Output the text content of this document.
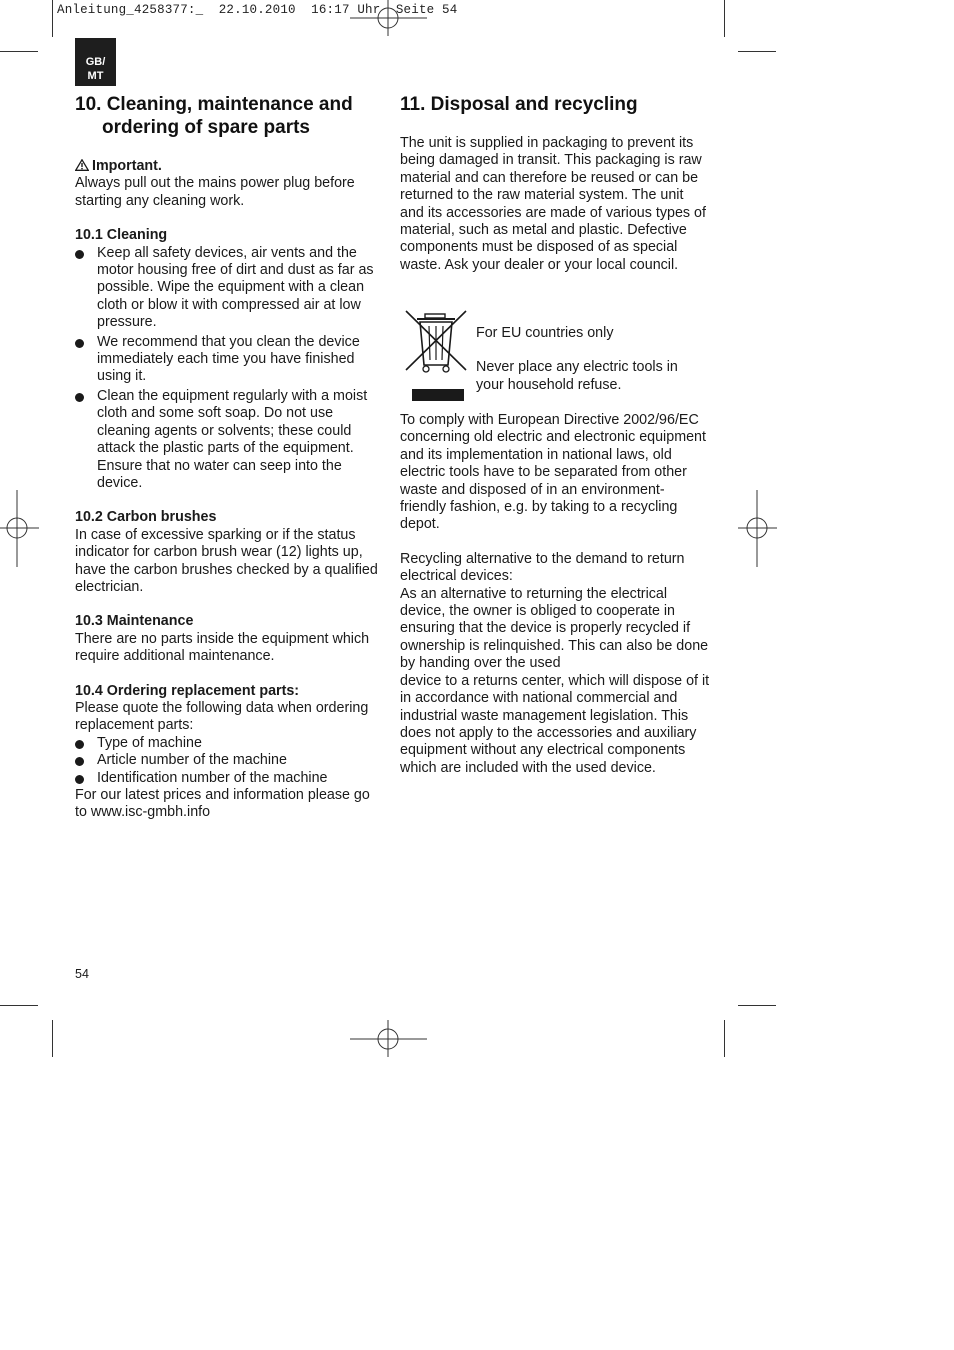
Anleitung_4258377:_  22.10.2010  16:17 Uhr  Seite 54
GB/
MT
10. Cleaning, maintenance and ordering of spare parts

Important.

Always pull out the mains power plug before starting any cleaning work.

10.1 Cleaning

Keep all safety devices, air vents and the motor housing free of dirt and dust as far as possible. Wipe the equipment with a clean cloth or blow it with compressed air at low pressure.
We recommend that you clean the device immediately each time you have finished using it.
Clean the equipment regularly with a moist cloth and some soft soap. Do not use cleaning agents or solvents; these could attack the plastic parts of the equipment. Ensure that no water can seep into the device.

10.2 Carbon brushes

In case of excessive sparking or if the status indicator for carbon brush wear (12) lights up, have the carbon brushes checked by a qualified electrician.

10.3 Maintenance

There are no parts inside the equipment which require additional maintenance.

10.4 Ordering replacement parts:

Please quote the following data when ordering replacement parts:

Type of machine
Article number of the machine
Identification number of the machine

For our latest prices and information please go to www.isc-gmbh.info

11. Disposal and recycling

The unit is supplied in packaging to prevent its being damaged in transit. This packaging is raw material and can therefore be reused or can be returned to the raw material system. The unit and its accessories are made of various types of material, such as metal and plastic. Defective components must be disposed of as special waste. Ask your dealer or your local council.

For EU countries only

Never place any electric tools in your household refuse.

To comply with European Directive 2002/96/EC concerning old electric and electronic equipment and its implementation in national laws, old electric tools have to be separated from other waste and disposed of in an environment-friendly fashion, e.g. by taking to a recycling depot.

Recycling alternative to the demand to return electrical devices:

As an alternative to returning the electrical device, the owner is obliged to cooperate in ensuring that the device is properly recycled if ownership is relinquished. This can also be done by handing over the used

device to a returns center, which will dispose of it in accordance with national commercial and industrial waste management legislation. This does not apply to the accessories and auxiliary equipment without any electrical components which are included with the used device.

54
